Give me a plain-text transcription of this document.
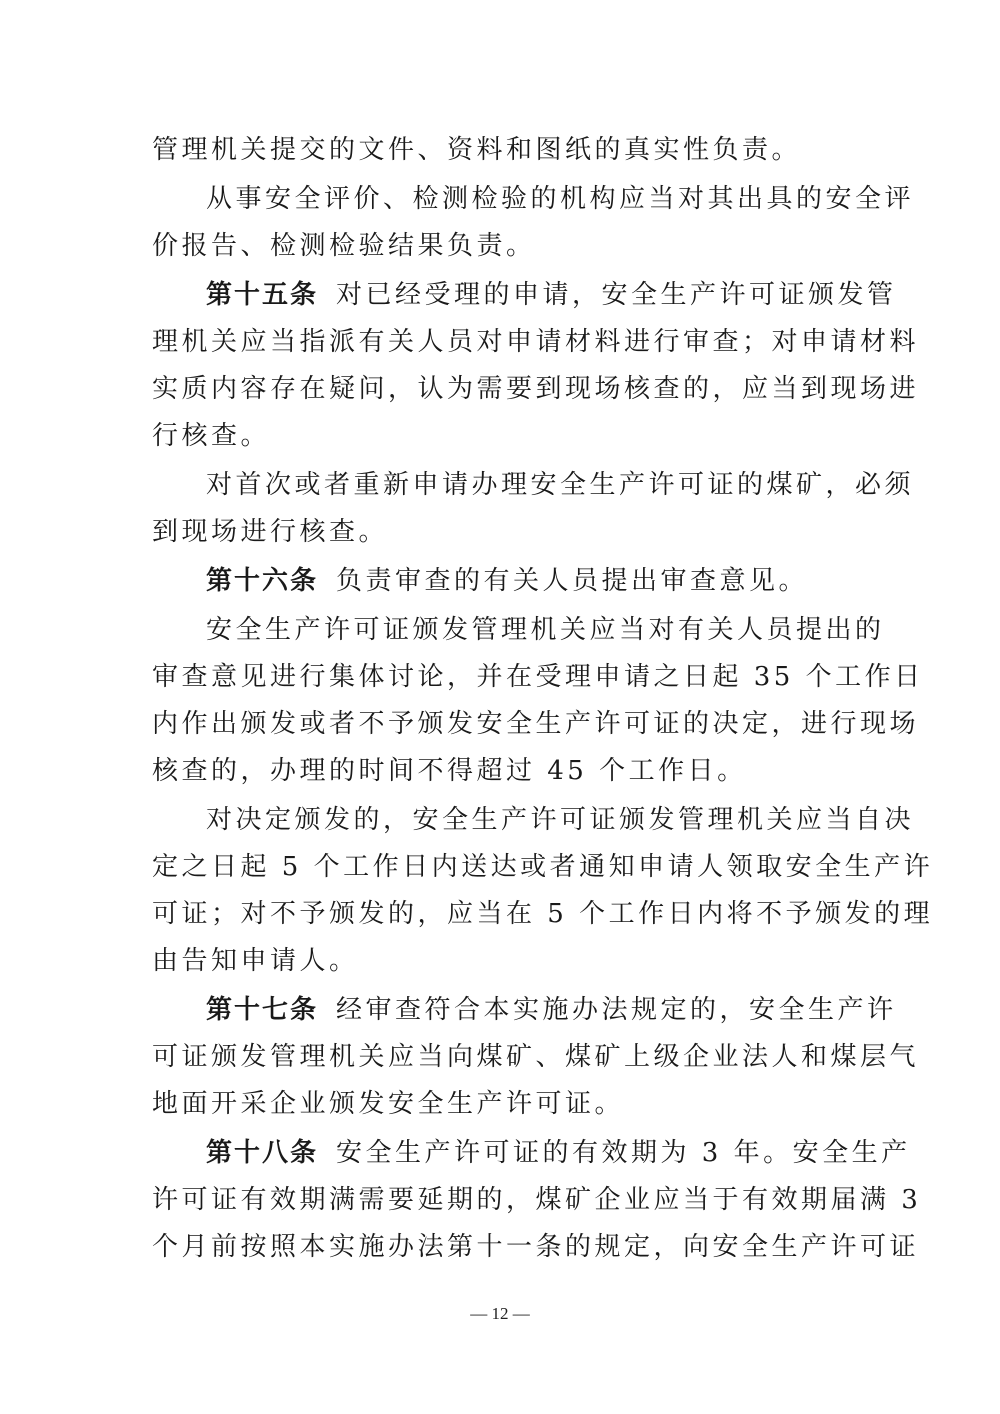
管理机关提交的文件、资料和图纸的真实性负责。
从事安全评价、检测检验的机构应当对其出具的安全评
价报告、检测检验结果负责。
第十五条 对已经受理的申请，安全生产许可证颁发管
理机关应当指派有关人员对申请材料进行审查；对申请材料
实质内容存在疑问，认为需要到现场核查的，应当到现场进
行核查。
对首次或者重新申请办理安全生产许可证的煤矿，必须
到现场进行核查。
第十六条 负责审查的有关人员提出审查意见。
安全生产许可证颁发管理机关应当对有关人员提出的
审查意见进行集体讨论，并在受理申请之日起 35 个工作日
内作出颁发或者不予颁发安全生产许可证的决定，进行现场
核查的，办理的时间不得超过 45 个工作日。
对决定颁发的，安全生产许可证颁发管理机关应当自决
定之日起 5 个工作日内送达或者通知申请人领取安全生产许
可证；对不予颁发的，应当在 5 个工作日内将不予颁发的理
由告知申请人。
第十七条 经审查符合本实施办法规定的，安全生产许
可证颁发管理机关应当向煤矿、煤矿上级企业法人和煤层气
地面开采企业颁发安全生产许可证。
第十八条 安全生产许可证的有效期为 3 年。安全生产
许可证有效期满需要延期的，煤矿企业应当于有效期届满 3
个月前按照本实施办法第十一条的规定，向安全生产许可证
— 12 —
